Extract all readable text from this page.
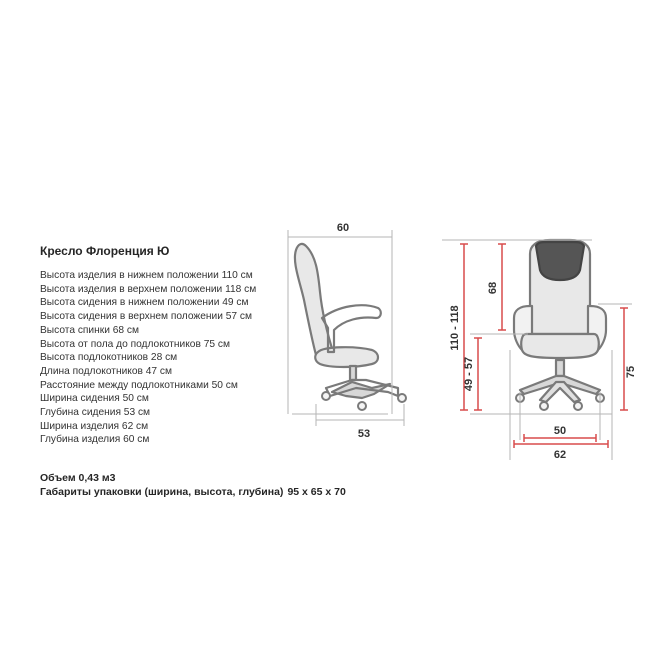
Кресло Флоренция Ю
Высота изделия в нижнем положении 110 см
Высота изделия в верхнем положении 118 см
Высота сидения в нижнем положении 49 см
Высота сидения в верхнем положении 57 см
Высота спинки 68 см
Высота от пола до подлокотников 75 см
Высота подлокотников 28 см
Длина подлокотников 47 см
Расстояние между подлокотниками 50 см
Ширина сидения 50 см
Глубина сидения 53 см
Ширина изделия 62 см
Глубина изделия 60 см
Объем 0,43 м3
Габариты упаковки (ширина, высота, глубина) 95 х 65 х 70
60
53
68
110 - 118
49 - 57	75
50
62
